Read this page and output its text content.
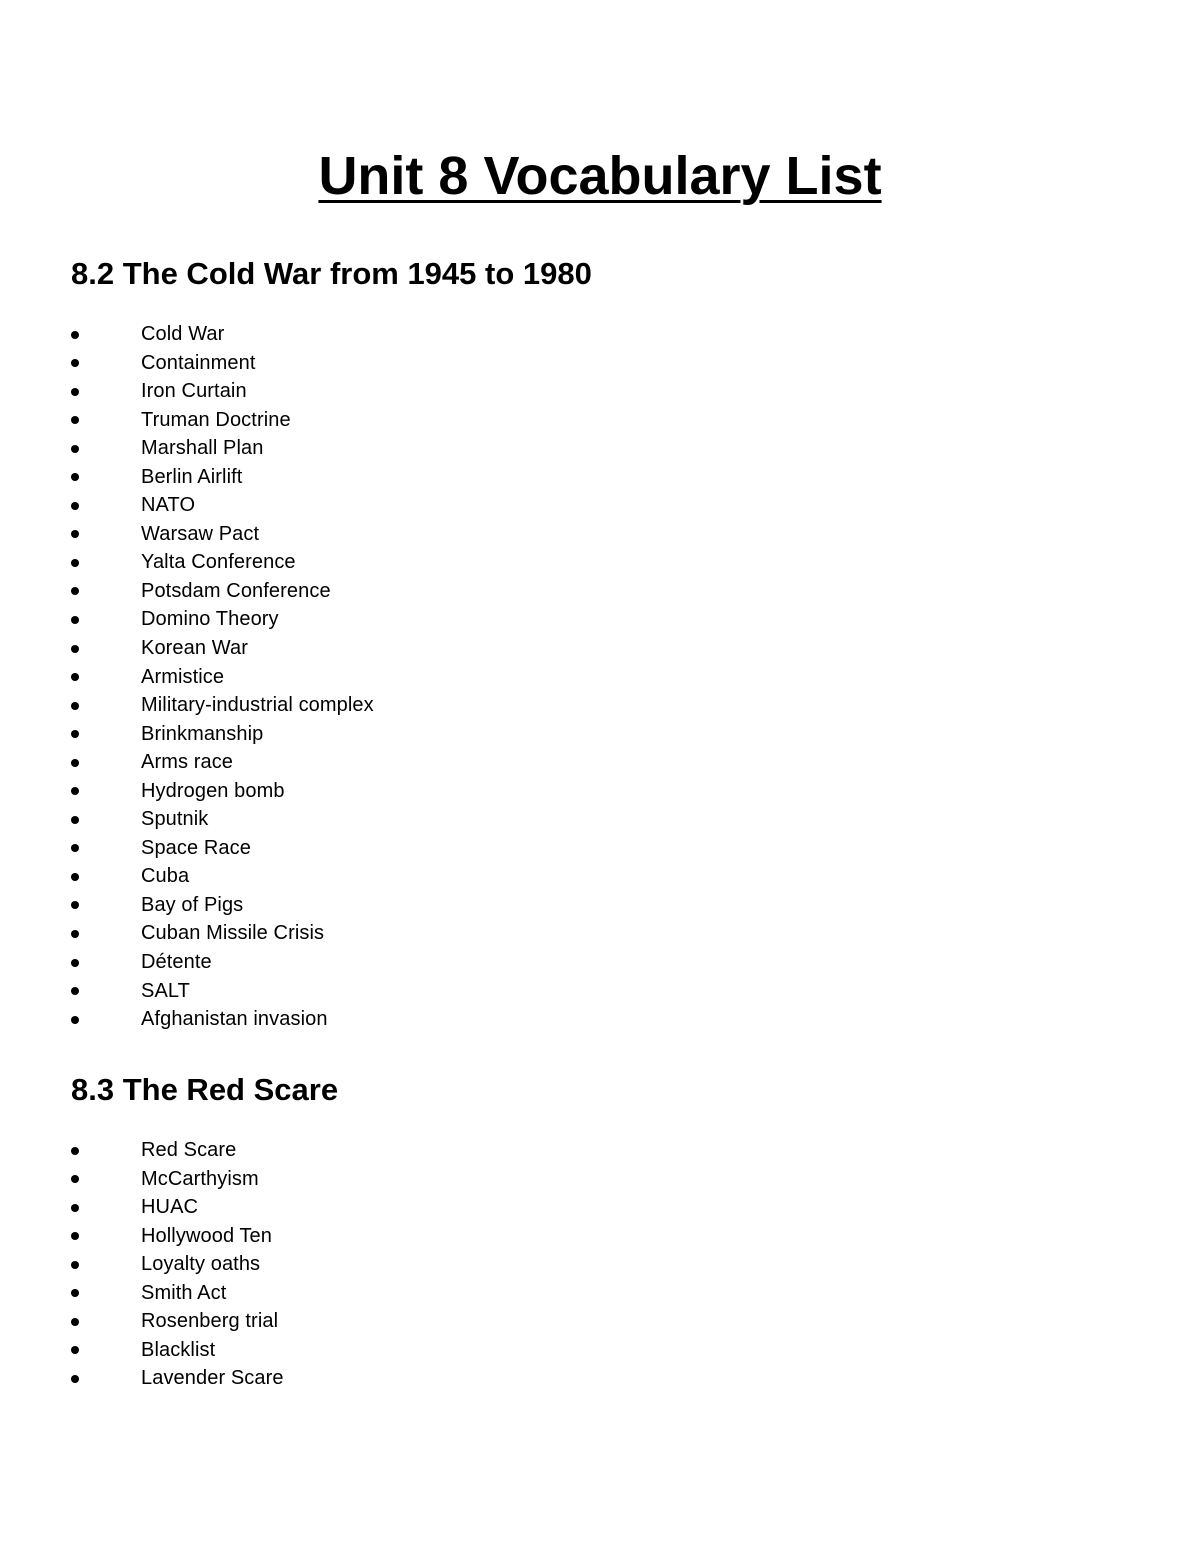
Unit 8 Vocabulary List
8.2 The Cold War from 1945 to 1980
Cold War
Containment
Iron Curtain
Truman Doctrine
Marshall Plan
Berlin Airlift
NATO
Warsaw Pact
Yalta Conference
Potsdam Conference
Domino Theory
Korean War
Armistice
Military-industrial complex
Brinkmanship
Arms race
Hydrogen bomb
Sputnik
Space Race
Cuba
Bay of Pigs
Cuban Missile Crisis
Détente
SALT
Afghanistan invasion
8.3 The Red Scare
Red Scare
McCarthyism
HUAC
Hollywood Ten
Loyalty oaths
Smith Act
Rosenberg trial
Blacklist
Lavender Scare
